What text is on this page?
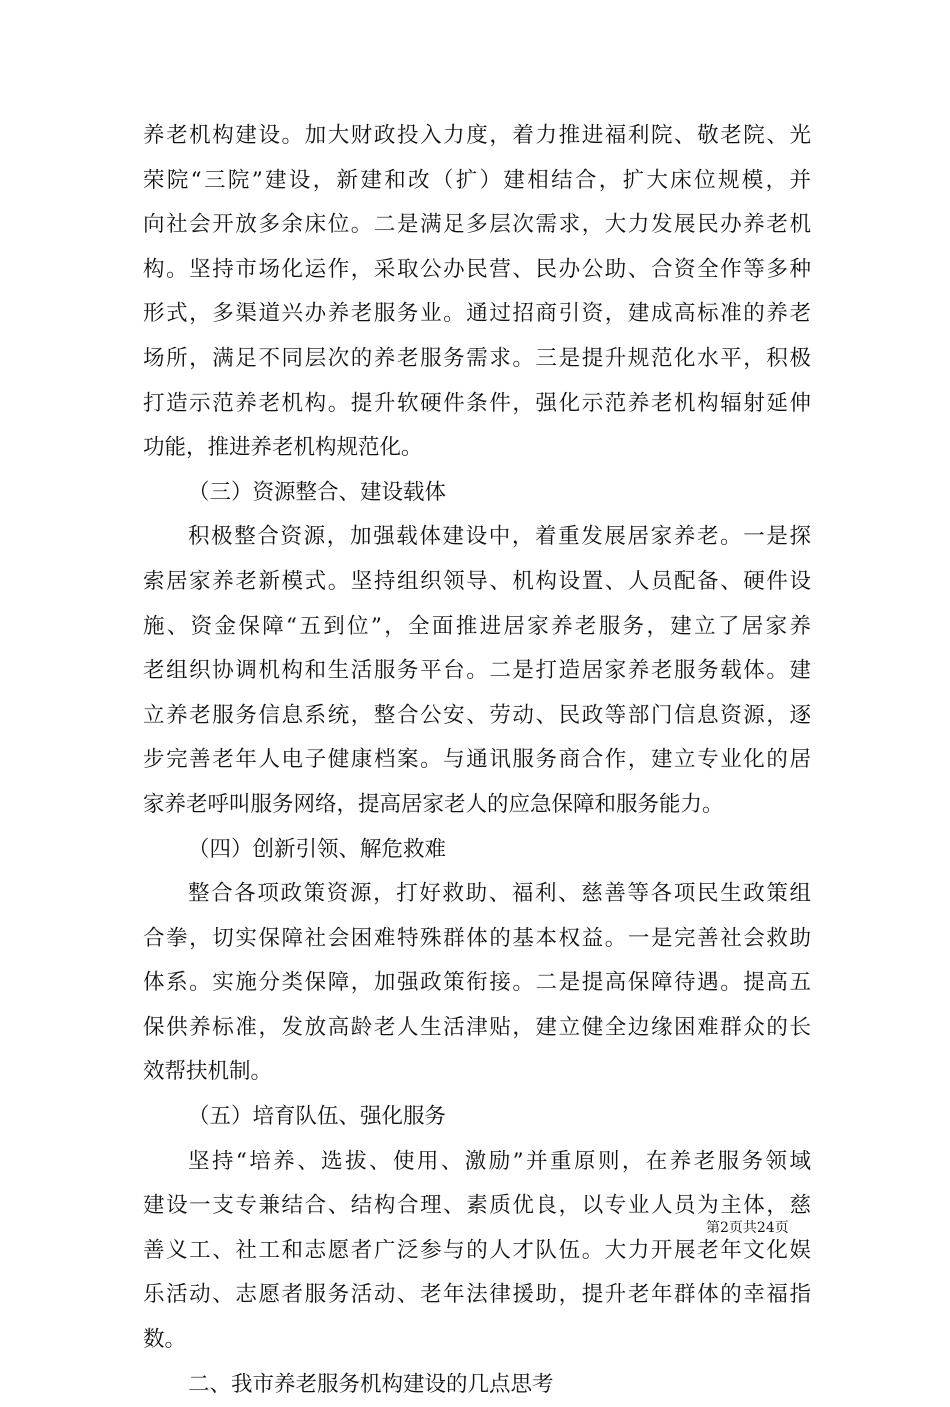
养老机构建设。加大财政投入力度，着力推进福利院、敬老院、光
荣院“三院”建设，新建和改（扩）建相结合，扩大床位规模，并
向社会开放多余床位。二是满足多层次需求，大力发展民办养老机
构。坚持市场化运作，采取公办民营、民办公助、合资全作等多种
形式，多渠道兴办养老服务业。通过招商引资，建成高标准的养老
场所，满足不同层次的养老服务需求。三是提升规范化水平，积极
打造示范养老机构。提升软硬件条件，强化示范养老机构辐射延伸
功能，推进养老机构规范化。
（三）资源整合、建设载体
积极整合资源，加强载体建设中，着重发展居家养老。一是探
索居家养老新模式。坚持组织领导、机构设置、人员配备、硬件设
施、资金保障“五到位”，全面推进居家养老服务，建立了居家养
老组织协调机构和生活服务平台。二是打造居家养老服务载体。建
立养老服务信息系统，整合公安、劳动、民政等部门信息资源，逐
步完善老年人电子健康档案。与通讯服务商合作，建立专业化的居
家养老呼叫服务网络，提高居家老人的应急保障和服务能力。
（四）创新引领、解危救难
整合各项政策资源，打好救助、福利、慈善等各项民生政策组
合拳，切实保障社会困难特殊群体的基本权益。一是完善社会救助
体系。实施分类保障，加强政策衔接。二是提高保障待遇。提高五
保供养标准，发放高龄老人生活津贴，建立健全边缘困难群众的长
效帮扶机制。
（五）培育队伍、强化服务
坚持“培养、选拔、使用、激励”并重原则，在养老服务领域
建设一支专兼结合、结构合理、素质优良，以专业人员为主体，慈
善义工、社工和志愿者广泛参与的人才队伍。大力开展老年文化娱
乐活动、志愿者服务活动、老年法律援助，提升老年群体的幸福指
数。
二、我市养老服务机构建设的几点思考
第2页共24页
